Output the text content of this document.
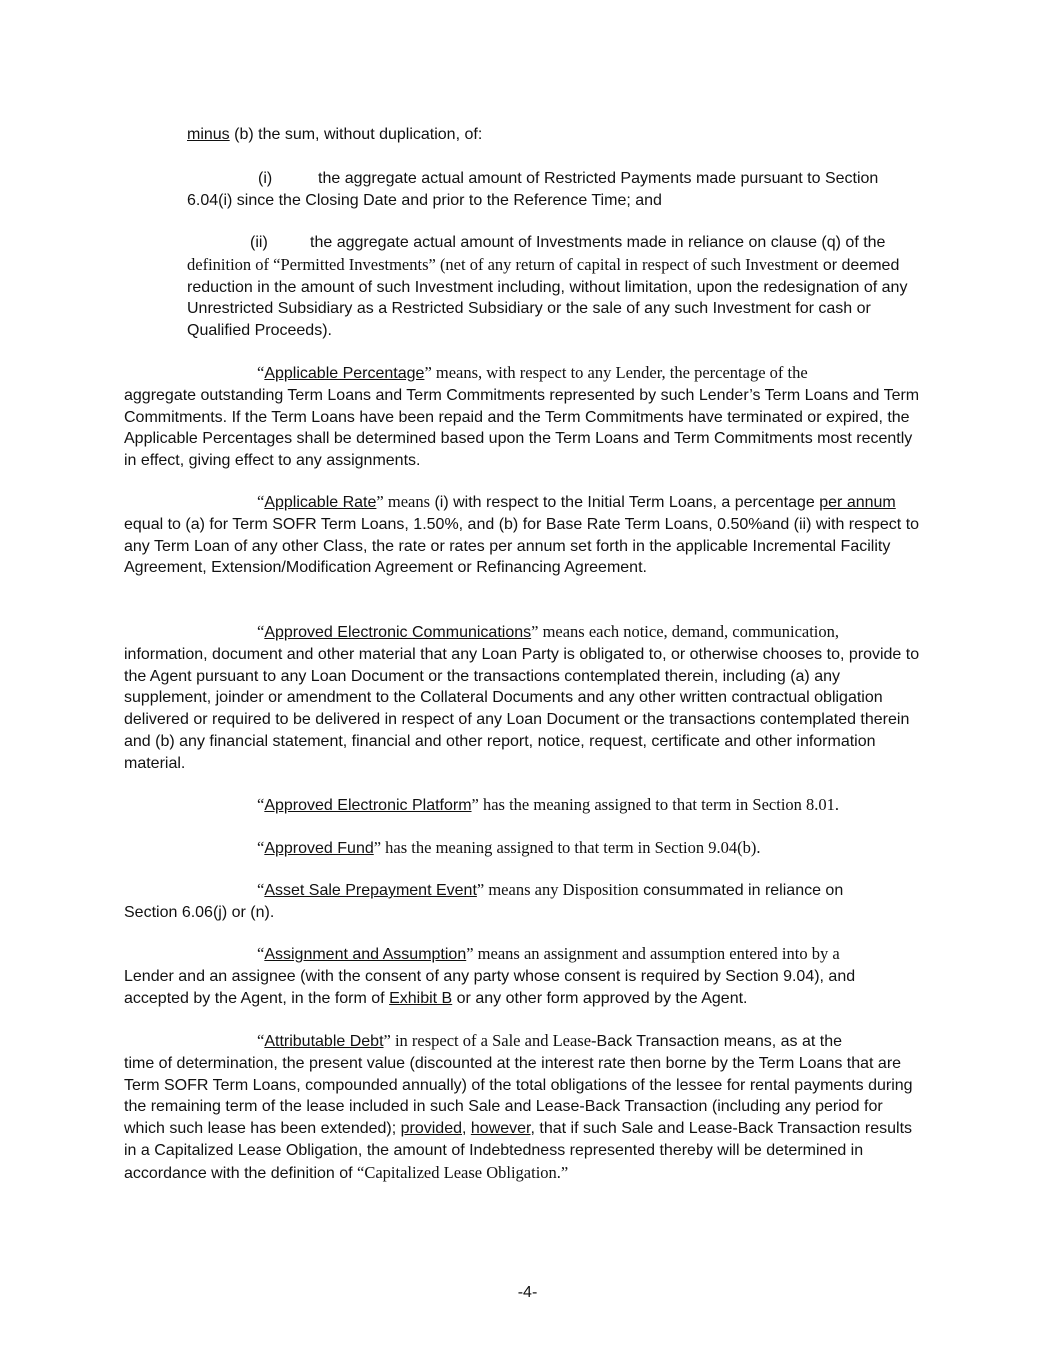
minus (b) the sum, without duplication, of:

(i)	the aggregate actual amount of Restricted Payments made pursuant to Section 6.04(i) since the Closing Date and prior to the Reference Time; and

(ii)	the aggregate actual amount of Investments made in reliance on clause (q) of the
definition of “Permitted Investments” (net of any return of capital in respect of such Investment or deemed reduction in the amount of such Investment including, without limitation, upon the redesignation of any Unrestricted Subsidiary as a Restricted Subsidiary or the sale of any such Investment for cash or Qualified Proceeds).

“Applicable Percentage” means, with respect to any Lender, the percentage of the
aggregate outstanding Term Loans and Term Commitments represented by such Lender’s Term Loans and Term Commitments. If the Term Loans have been repaid and the Term Commitments have terminated or expired, the Applicable Percentages shall be determined based upon the Term Loans and Term Commitments most recently in effect, giving effect to any assignments.

“Applicable Rate” means (i) with respect to the Initial Term Loans, a percentage per annum equal to (a) for Term SOFR Term Loans, 1.50%, and (b) for Base Rate Term Loans, 0.50%and (ii) with respect to any Term Loan of any other Class, the rate or rates per annum set forth in the applicable Incremental Facility Agreement, Extension/Modification Agreement or Refinancing Agreement.

“Approved Electronic Communications” means each notice, demand, communication,
information, document and other material that any Loan Party is obligated to, or otherwise chooses to, provide to the Agent pursuant to any Loan Document or the transactions contemplated therein, including (a) any supplement, joinder or amendment to the Collateral Documents and any other written contractual obligation delivered or required to be delivered in respect of any Loan Document or the transactions contemplated therein and (b) any financial statement, financial and other report, notice, request, certificate and other information material.

“Approved Electronic Platform” has the meaning assigned to that term in Section 8.01.

“Approved Fund” has the meaning assigned to that term in Section 9.04(b).

“Asset Sale Prepayment Event” means any Disposition consummated in reliance on
Section 6.06(j) or (n).

“Assignment and Assumption” means an assignment and assumption entered into by a
Lender and an assignee (with the consent of any party whose consent is required by Section 9.04), and accepted by the Agent, in the form of Exhibit B or any other form approved by the Agent.

“Attributable Debt” in respect of a Sale and Lease-Back Transaction means, as at the
time of determination, the present value (discounted at the interest rate then borne by the Term Loans that are Term SOFR Term Loans, compounded annually) of the total obligations of the lessee for rental payments during the remaining term of the lease included in such Sale and Lease-Back Transaction (including any period for which such lease has been extended); provided, however, that if such Sale and Lease-Back Transaction results in a Capitalized Lease Obligation, the amount of Indebtedness represented thereby will be determined in accordance with the definition of “Capitalized Lease Obligation.”

-4-
